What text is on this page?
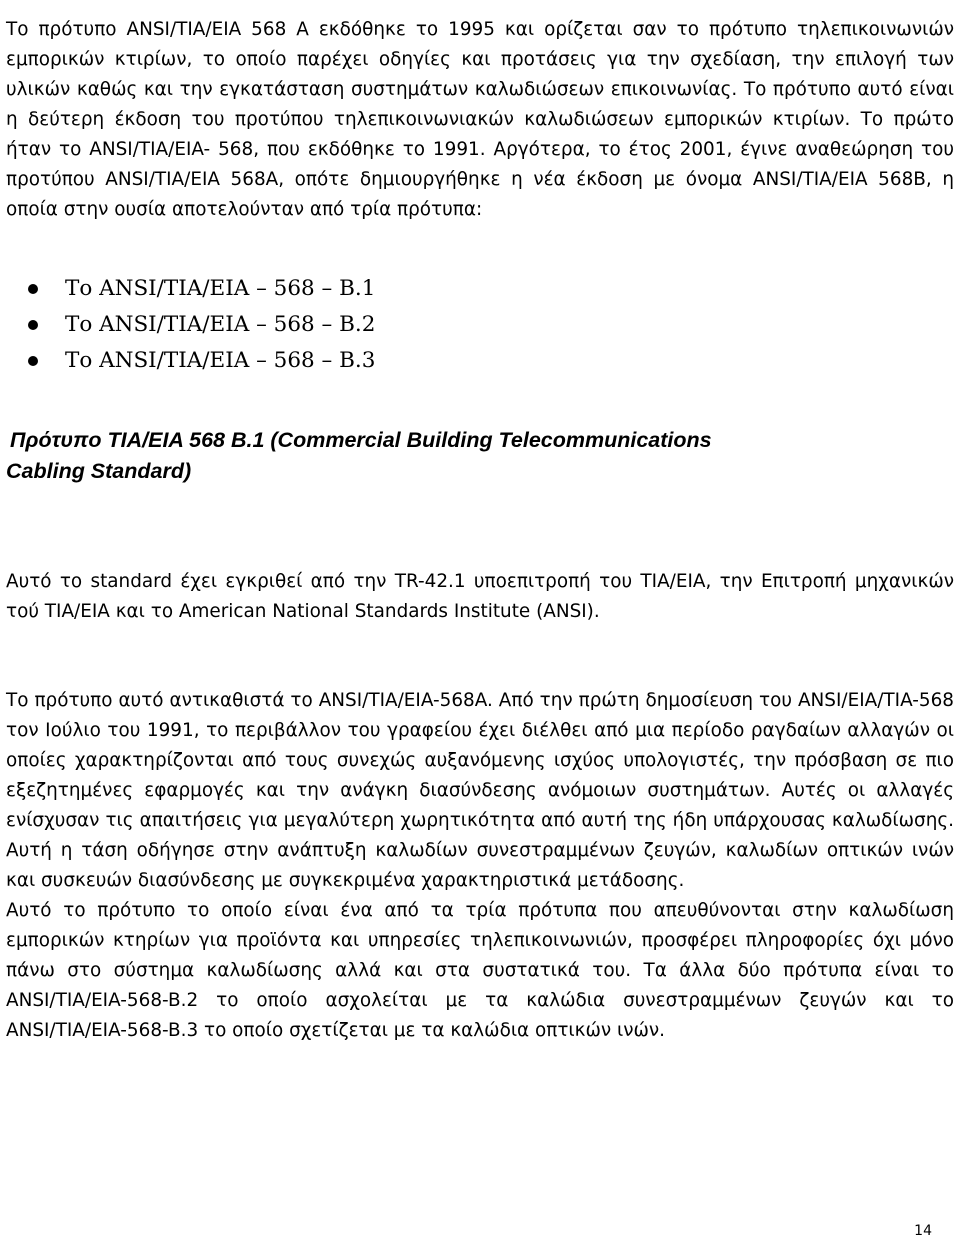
Το πρότυπο ANSI/TIA/EIA 568 Α εκδόθηκε το 1995 και ορίζεται σαν το πρότυπο τηλεπικοινωνιών εμπορικών κτιρίων, το οποίο παρέχει οδηγίες και προτάσεις για την σχεδίαση, την επιλογή των υλικών καθώς και την εγκατάσταση συστημάτων καλωδιώσεων επικοινωνίας. Το πρότυπο αυτό είναι η δεύτερη έκδοση του προτύπου τηλεπικοινωνιακών καλωδιώσεων εμπορικών κτιρίων. Το πρώτο ήταν το ANSI/TIA/EIA- 568, που εκδόθηκε το 1991. Αργότερα, το έτος 2001, έγινε αναθεώρηση του προτύπου ANSI/TIA/EIA 568A, οπότε δημιουργήθηκε η νέα έκδοση με όνομα ANSI/TIA/EIA 568B, η οποία στην ουσία αποτελούνταν από τρία πρότυπα:

Το ANSI/TIA/EIA – 568 – B.1
Το ANSI/TIA/EIA – 568 – B.2
Το ANSI/TIA/EIA – 568 – B.3
Πρότυπο TIA/EIA 568 B.1 (Commercial Building Telecommunications
Cabling Standard)

Αυτό το standard έχει εγκριθεί από την TR-42.1 υποεπιτροπή του TIA/EIA, την Επιτροπή μηχανικών τού TIA/EIA και το American National Standards Institute (ANSI).

Το πρότυπο αυτό αντικαθιστά το ANSI/TIA/EIA-568A. Από την πρώτη δημοσίευση του ANSI/EIA/TIA-568 τον Ιούλιο του 1991, το περιβάλλον του γραφείου έχει διέλθει από μια περίοδο ραγδαίων αλλαγών οι οποίες χαρακτηρίζονται από τους συνεχώς αυξανόμενης ισχύος υπολογιστές, την πρόσβαση σε πιο εξεζητημένες εφαρμογές και την ανάγκη διασύνδεσης ανόμοιων συστημάτων. Αυτές οι αλλαγές ενίσχυσαν τις απαιτήσεις για μεγαλύτερη χωρητικότητα από αυτή της ήδη υπάρχουσας καλωδίωσης. Αυτή η τάση οδήγησε στην ανάπτυξη καλωδίων συνεστραμμένων ζευγών, καλωδίων οπτικών ινών και συσκευών διασύνδεσης με συγκεκριμένα χαρακτηριστικά μετάδοσης.

Αυτό το πρότυπο το οποίο είναι ένα από τα τρία πρότυπα που απευθύνονται στην καλωδίωση εμπορικών κτηρίων για προϊόντα και υπηρεσίες τηλεπικοινωνιών, προσφέρει πληροφορίες όχι μόνο πάνω στο σύστημα καλωδίωσης αλλά και στα συστατικά του. Τα άλλα δύο πρότυπα είναι το ANSI/TIA/EIA-568-B.2 το οποίο ασχολείται με τα καλώδια συνεστραμμένων ζευγών και το ANSI/TIA/EIA-568-B.3 το οποίο σχετίζεται με τα καλώδια οπτικών ινών.

14
